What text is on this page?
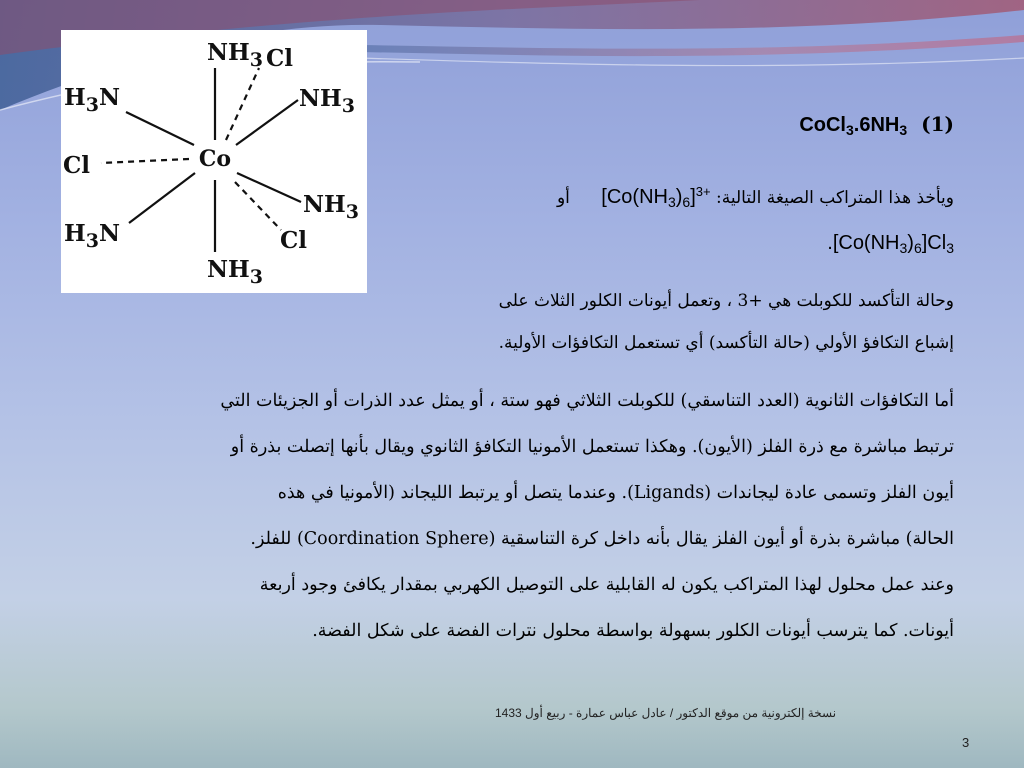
Co
$NH_3$ Cl
$H_3N$	$NH_3$
Cl
$NH_3$
$H_3N$	Cl
$NH_3$
$CoCl_3.6NH_3$ (1)
أو $[Co(NH_3)_6]^{3+}$ ويأخذ هذا المتراكب الصيغة التالية:
$.[Co(NH_3)_6]Cl_3$

وحالة التأكسد للكوبلت هي +3 ، وتعمل أيونات الكلور الثلاث على

إشباع التكافؤ الأولي (حالة التأكسد) أي تستعمل التكافؤات الأولية.

أما التكافؤات الثانوية (العدد التناسقي) للكوبلت الثلاثي فهو ستة ، أو يمثل عدد الذرات أو الجزيئات التي

ترتبط مباشرة مع ذرة الفلز (الأيون). وهكذا تستعمل الأمونيا التكافؤ الثانوي ويقال بأنها إتصلت بذرة أو

أيون الفلز وتسمى عادة ليجاندات (Ligands). وعندما يتصل أو يرتبط الليجاند (الأمونيا في هذه

الحالة) مباشرة بذرة أو أيون الفلز يقال بأنه داخل كرة التناسقية (Coordination Sphere) للفلز.

وعند عمل محلول لهذا المتراكب يكون له القابلية على التوصيل الكهربي بمقدار يكافئ وجود أربعة

أيونات. كما يترسب أيونات الكلور بسهولة بواسطة محلول نترات الفضة على شكل الفضة.

نسخة إلكترونية من موقع الدكتور / عادل عباس عمارة - ربيع أول 1433
3
